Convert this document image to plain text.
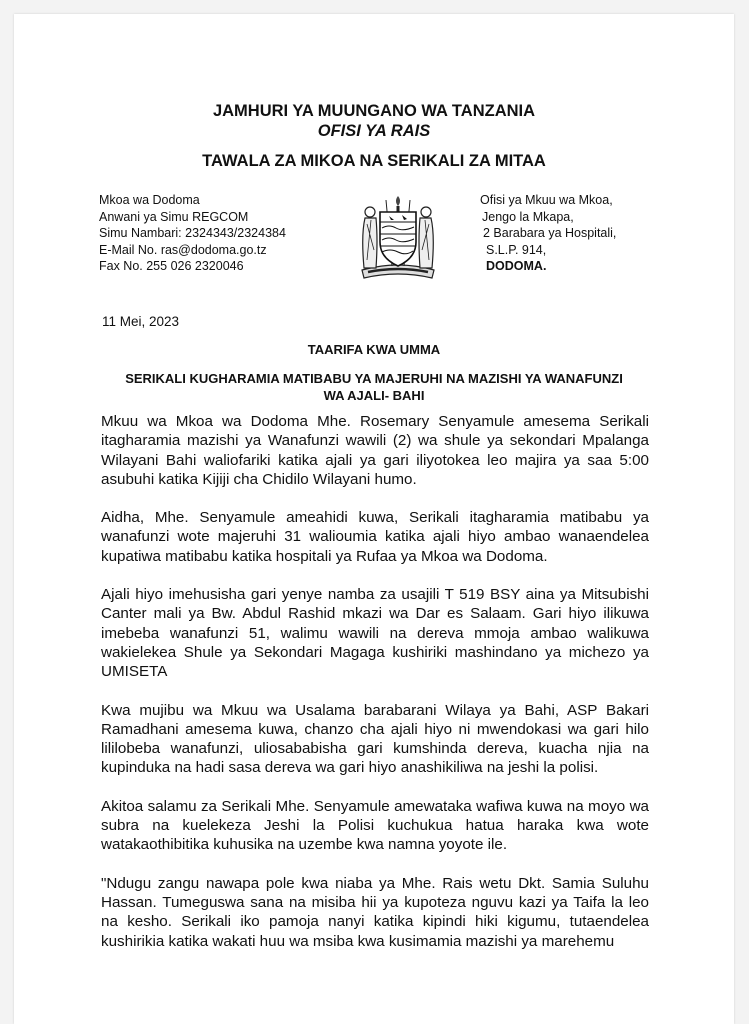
JAMHURI YA MUUNGANO WA TANZANIA
OFISI YA RAIS
TAWALA ZA MIKOA NA SERIKALI ZA MITAA
Mkoa wa Dodoma
Anwani ya Simu REGCOM
Simu Nambari: 2324343/2324384
E-Mail No. ras@dodoma.go.tz
Fax No. 255 026 2320046
Ofisi ya Mkuu wa Mkoa,
Jengo la Mkapa,
2 Barabara ya Hospitali,
S.L.P. 914,
DODOMA.
11 Mei, 2023
TAARIFA KWA UMMA
SERIKALI KUGHARAMIA MATIBABU YA MAJERUHI NA MAZISHI YA WANAFUNZI WA AJALI- BAHI

Mkuu wa Mkoa wa Dodoma Mhe. Rosemary Senyamule amesema Serikali itagharamia mazishi ya Wanafunzi wawili (2) wa shule ya sekondari Mpalanga Wilayani Bahi waliofariki katika ajali ya gari iliyotokea leo majira ya saa 5:00 asubuhi katika Kijiji cha Chidilo Wilayani humo.

Aidha, Mhe. Senyamule ameahidi kuwa, Serikali itagharamia matibabu ya wanafunzi wote majeruhi 31 walioumia katika ajali hiyo ambao wanaendelea kupatiwa matibabu katika hospitali ya Rufaa ya Mkoa wa Dodoma.

Ajali hiyo imehusisha gari yenye namba za usajili T 519 BSY aina ya Mitsubishi Canter mali ya Bw. Abdul Rashid mkazi wa Dar es Salaam. Gari hiyo ilikuwa imebeba wanafunzi 51, walimu wawili na dereva mmoja ambao walikuwa wakielekea Shule ya Sekondari Magaga kushiriki mashindano ya michezo ya UMISETA

Kwa mujibu wa Mkuu wa Usalama barabarani Wilaya ya Bahi, ASP Bakari Ramadhani amesema kuwa, chanzo cha ajali hiyo ni mwendokasi wa gari hilo lililobeba wanafunzi, uliosababisha gari kumshinda dereva, kuacha njia na kupinduka na hadi sasa dereva wa gari hiyo anashikiliwa na jeshi la polisi.

Akitoa salamu za Serikali Mhe. Senyamule amewataka wafiwa kuwa na moyo wa subra na kuelekeza Jeshi la Polisi kuchukua hatua haraka kwa wote watakaothibitika kuhusika na uzembe kwa namna yoyote ile.

"Ndugu zangu nawapa pole kwa niaba ya Mhe. Rais wetu Dkt. Samia Suluhu Hassan. Tumeguswa sana na misiba hii ya kupoteza nguvu kazi ya Taifa la leo na kesho. Serikali iko pamoja nanyi katika kipindi hiki kigumu, tutaendelea kushirikia katika wakati huu wa msiba kwa kusimamia mazishi ya marehemu
